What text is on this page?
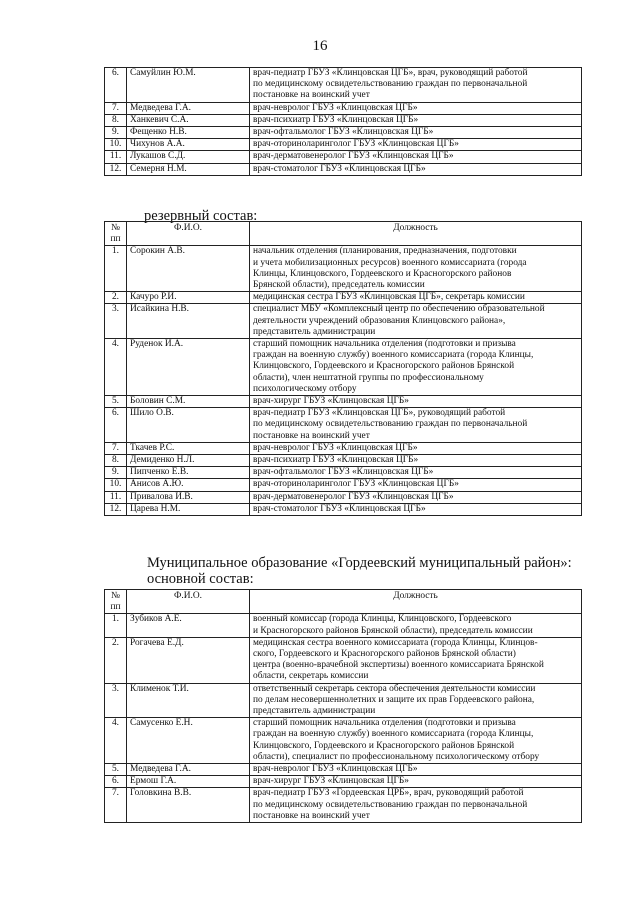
16
6.	Самуйлин Ю.М.	врач-педиатр ГБУЗ «Клинцовская ЦГБ», врач, руководящий работой
по медицинскому освидетельствованию граждан по первоначальной
постановке на воинский учет
7.	Медведева Г.А.	врач-невролог ГБУЗ «Клинцовская ЦГБ»
8.	Ханкевич С.А.	врач-психиатр ГБУЗ «Клинцовская ЦГБ»
9.	Фещенко Н.В.	врач-офтальмолог ГБУЗ «Клинцовская ЦГБ»
10.	Чихунов А.А.	врач-оториноларинголог ГБУЗ «Клинцовская ЦГБ»
11.	Лукашов С.Д.	врач-дерматовенеролог ГБУЗ «Клинцовская ЦГБ»
12.	Семерня Н.М.	врач-стоматолог ГБУЗ «Клинцовская ЦГБ»
резервный состав:
№
пп	Ф.И.О.	Должность
1.	Сорокин А.В.	начальник отделения (планирования, предназначения, подготовки
и учета мобилизационных ресурсов) военного комиссариата (города
Клинцы, Клинцовского, Гордеевского и Красногорского районов
Брянской области), председатель комиссии
2.	Качуро Р.И.	медицинская сестра ГБУЗ «Клинцовская ЦГБ», секретарь комиссии
3.	Исайкина Н.В.	специалист МБУ «Комплексный центр по обеспечению образовательной
деятельности учреждений образования Клинцовского района»,
представитель администрации
4.	Руденок И.А.	старший помощник начальника отделения (подготовки и призыва
граждан на военную службу) военного комиссариата (города Клинцы,
Клинцовского, Гордеевского и Красногорского районов Брянской
области), член нештатной группы по профессиональному
психологическому отбору
5.	Боловин С.М.	врач-хирург ГБУЗ «Клинцовская ЦГБ»
6.	Шило О.В.	врач-педиатр ГБУЗ «Клинцовская ЦГБ», руководящий работой
по медицинскому освидетельствованию граждан по первоначальной
постановке на воинский учет
7.	Ткачев Р.С.	врач-невролог ГБУЗ «Клинцовская ЦГБ»
8.	Демиденко Н.Л.	врач-психиатр ГБУЗ «Клинцовская ЦГБ»
9.	Пипченко Е.В.	врач-офтальмолог ГБУЗ «Клинцовская ЦГБ»
10.	Анисов А.Ю.	врач-оториноларинголог ГБУЗ «Клинцовская ЦГБ»
11.	Привалова И.В.	врач-дерматовенеролог ГБУЗ «Клинцовская ЦГБ»
12.	Царева Н.М.	врач-стоматолог ГБУЗ «Клинцовская ЦГБ»
Муниципальное образование «Гордеевский муниципальный район»:
основной состав:
№
пп	Ф.И.О.	Должность
1.	Зубиков А.Е.	военный комиссар (города Клинцы, Клинцовского, Гордеевского
и Красногорского районов Брянской области), председатель комиссии
2.	Рогачева Е.Д.	медицинская сестра военного комиссариата (города Клинцы, Клинцов-
ского, Гордеевского и Красногорского районов Брянской области)
центра (военно-врачебной экспертизы) военного комиссариата Брянской
области, секретарь комиссии
3.	Клименок Т.И.	ответственный секретарь сектора обеспечения деятельности комиссии
по делам несовершеннолетних и защите их прав Гордеевского района,
представитель администрации
4.	Самусенко Е.Н.	старший помощник начальника отделения (подготовки и призыва
граждан на военную службу) военного комиссариата (города Клинцы,
Клинцовского, Гордеевского и Красногорского районов Брянской
области), специалист по профессиональному психологическому отбору
5.	Медведева Г.А.	врач-невролог ГБУЗ «Клинцовская ЦГБ»
6.	Ермош Г.А.	врач-хирург ГБУЗ «Клинцовская ЦГБ»
7.	Головкина В.В.	врач-педиатр ГБУЗ «Гордеевская ЦРБ», врач, руководящий работой
по медицинскому освидетельствованию граждан по первоначальной
постановке на воинский учет
